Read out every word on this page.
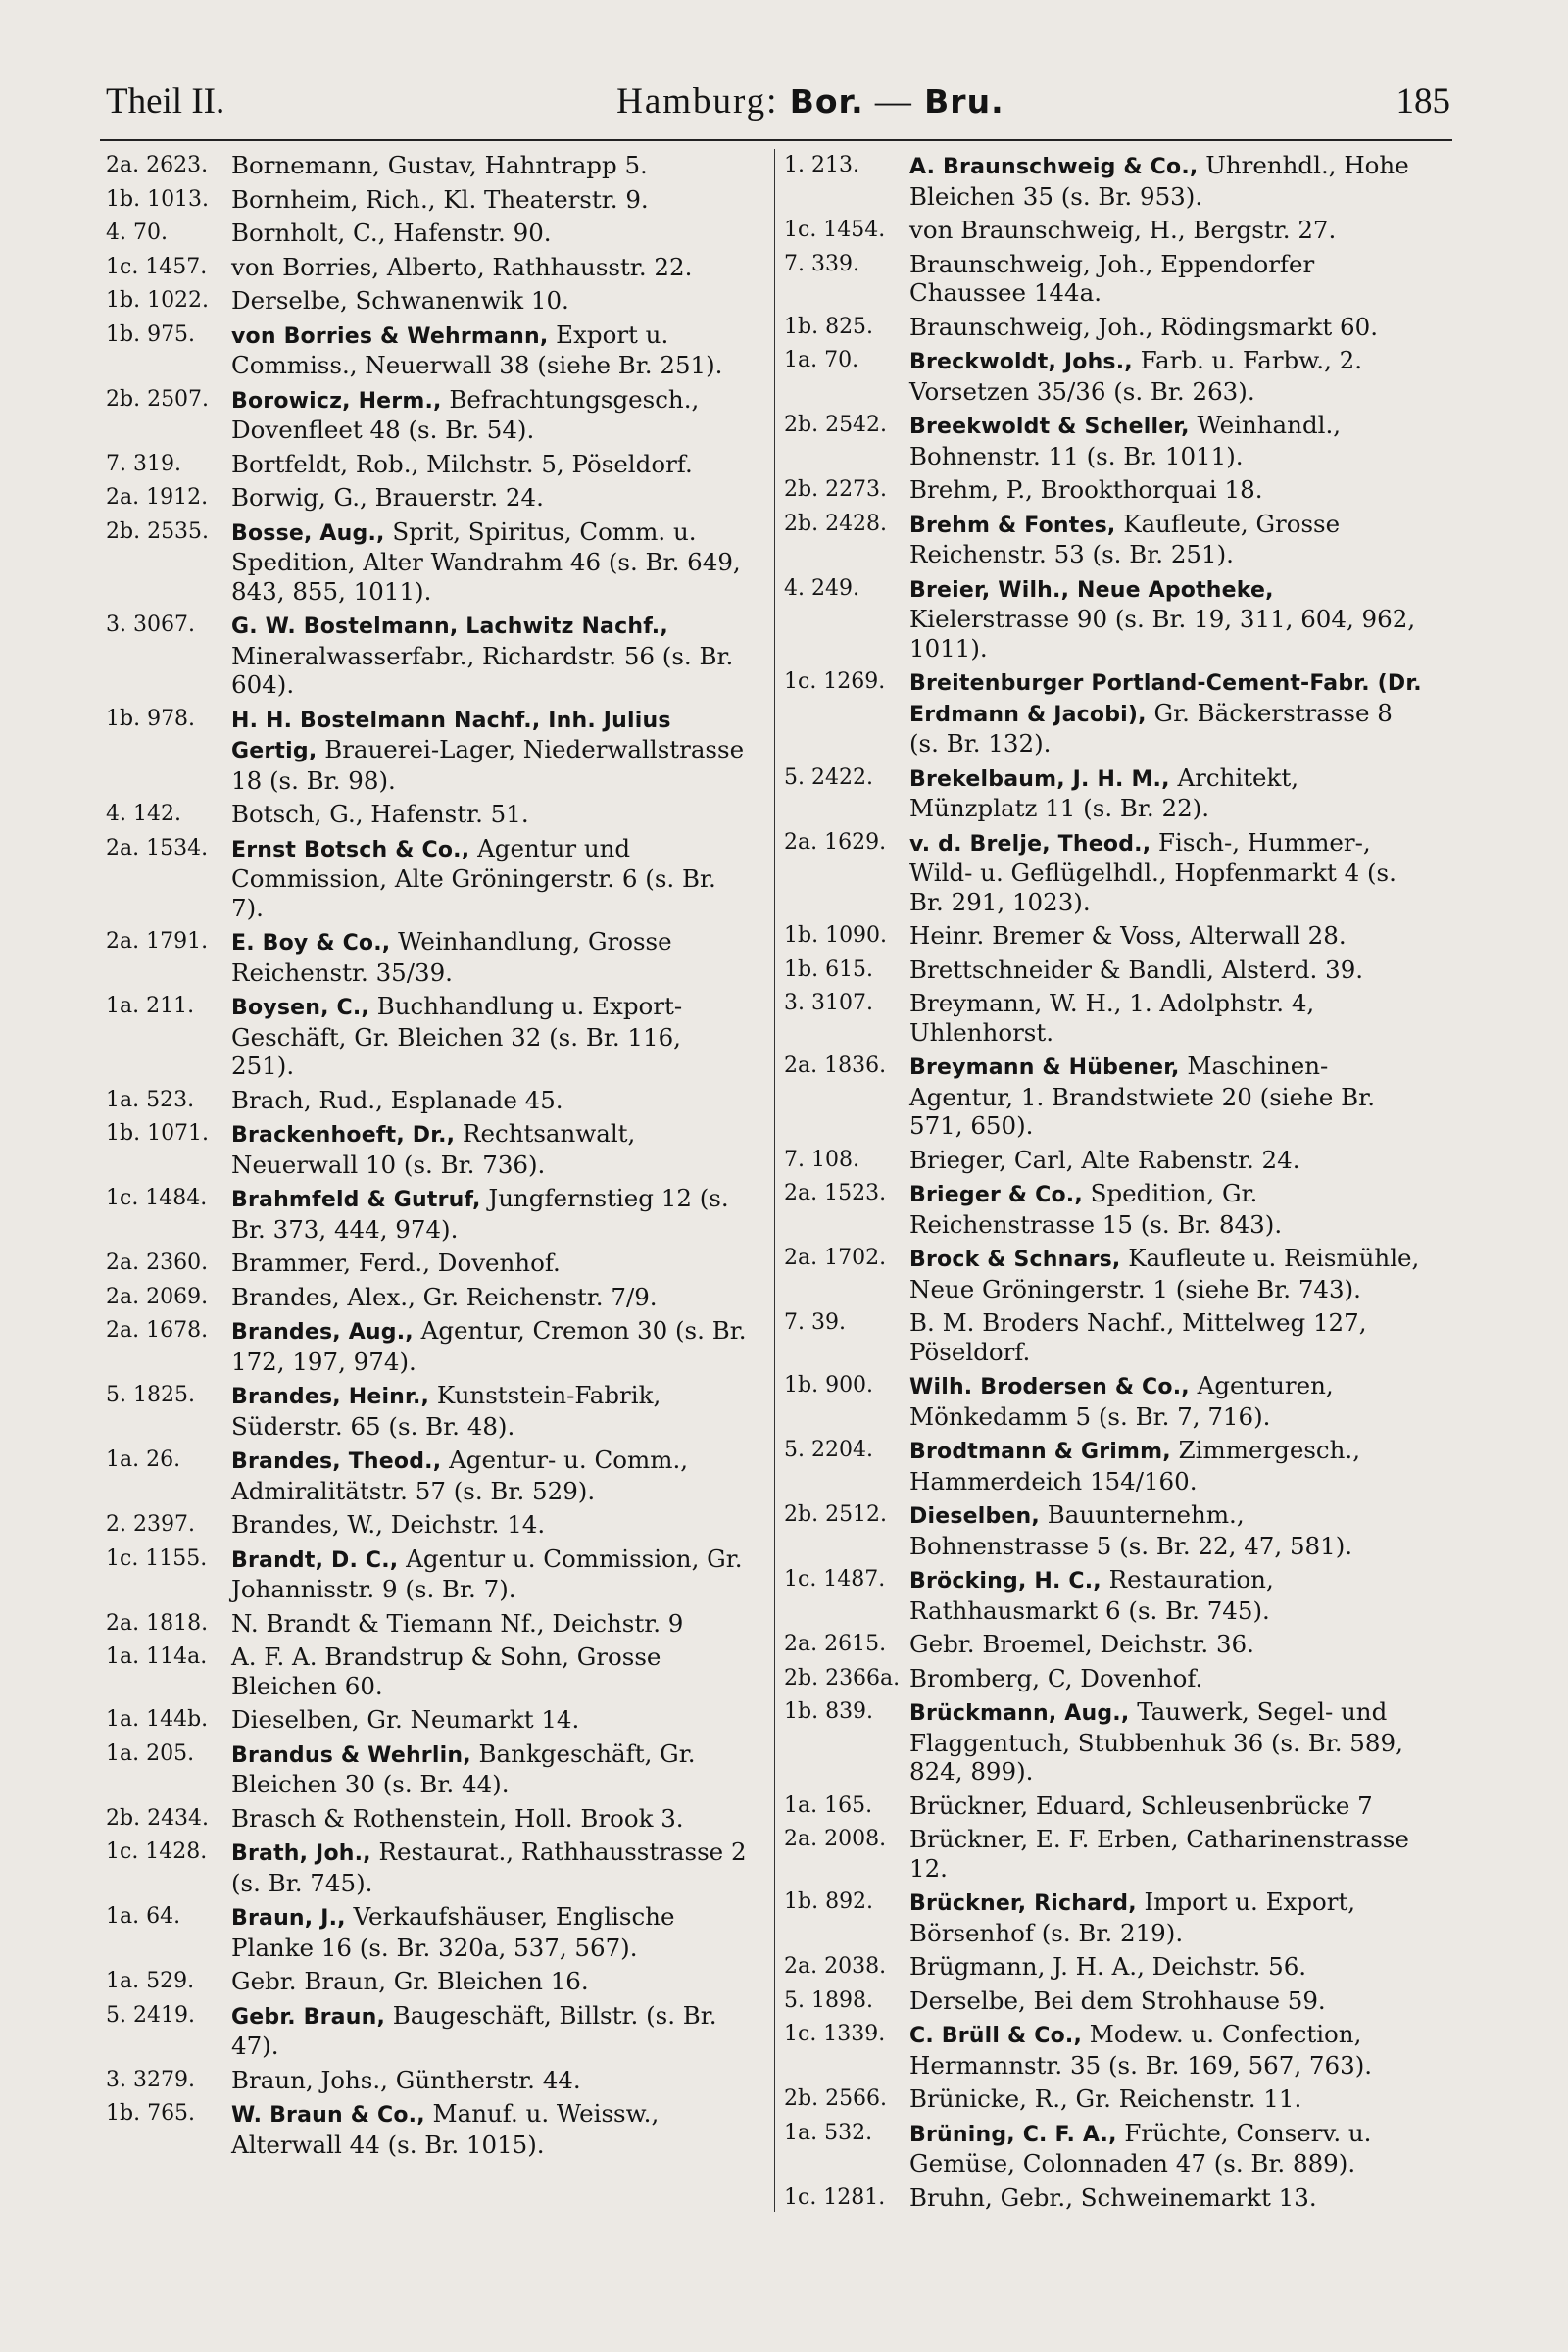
Theil II.	Hamburg: Bor. — Bru.	185
2a. 2623. Bornemann, Gustav, Hahntrapp 5.
1b. 1013. Bornheim, Rich., Kl. Theaterstr. 9.
4. 70.	Bornholt, C., Hafenstr. 90.
1c. 1457.	von Borries, Alberto, Rathhausstr. 22.
1b. 1022. Derselbe, Schwanenwik 10.
1b. 975.	von Borries & Wehrmann, Export u. Commiss., Neuerwall 38 (siehe Br. 251).
2b. 2507.	Borowicz, Herm., Befrachtungsgesch., Dovenfleet 48 (s. Br. 54).
7. 319.	Bortfeldt, Rob., Milchstr. 5, Pöseldorf.
2a. 1912. Borwig, G., Brauerstr. 24.
2b. 2535.	Bosse, Aug., Sprit, Spiritus, Comm. u. Spedition, Alter Wandrahm 46 (s. Br. 649, 843, 855, 1011).
3. 3067.	G. W. Bostelmann, Lachwitz Nachf., Mineralwasserfabr., Richardstr. 56 (s. Br. 604).
1b. 978.	H. H. Bostelmann Nachf., Inh. Julius Gertig, Brauerei-Lager, Niederwallstrasse 18 (s. Br. 98).
4. 142.	Botsch, G., Hafenstr. 51.
2a. 1534.	Ernst Botsch & Co., Agentur und Commission, Alte Gröningerstr. 6 (s. Br. 7).
2a. 1791.	E. Boy & Co., Weinhandlung, Grosse Reichenstr. 35/39.
1a. 211.	Boysen, C., Buchhandlung u. Export-Geschäft, Gr. Bleichen 32 (s. Br. 116, 251).
1a. 523.	Brach, Rud., Esplanade 45.
1b. 1071.	Brackenhoeft, Dr., Rechtsanwalt, Neuerwall 10 (s. Br. 736).
1c. 1484.	Brahmfeld & Gutruf, Jungfernstieg 12 (s. Br. 373, 444, 974).
2a. 2360. Brammer, Ferd., Dovenhof.
2a. 2069. Brandes, Alex., Gr. Reichenstr. 7/9.
2a. 1678.	Brandes, Aug., Agentur, Cremon 30 (s. Br. 172, 197, 974).
5. 1825.	Brandes, Heinr., Kunststein-Fabrik, Süderstr. 65 (s. Br. 48).
1a. 26.	Brandes, Theod., Agentur- u. Comm., Admiralitätstr. 57 (s. Br. 529).
2. 2397.	Brandes, W., Deichstr. 14.
1c. 1155.	Brandt, D. C., Agentur u. Commission, Gr. Johannisstr. 9 (s. Br. 7).
2a. 1818. N. Brandt & Tiemann Nf., Deichstr. 9
1a. 114a.	A. F. A. Brandstrup & Sohn, Grosse Bleichen 60.
1a. 144b. Dieselben, Gr. Neumarkt 14.
1a. 205.	Brandus & Wehrlin, Bankgeschäft, Gr. Bleichen 30 (s. Br. 44).
2b. 2434. Brasch & Rothenstein, Holl. Brook 3.
1c. 1428.	Brath, Joh., Restaurat., Rathhausstrasse 2 (s. Br. 745).
1a. 64.	Braun, J., Verkaufshäuser, Englische Planke 16 (s. Br. 320a, 537, 567).
1a. 529.	Gebr. Braun, Gr. Bleichen 16.
5. 2419.	Gebr. Braun, Baugeschäft, Billstr. (s. Br. 47).
3. 3279.	Braun, Johs., Güntherstr. 44.
1b. 765.	W. Braun & Co., Manuf. u. Weissw., Alterwall 44 (s. Br. 1015).
1. 213.	A. Braunschweig & Co., Uhrenhdl., Hohe Bleichen 35 (s. Br. 953).
1c. 1454.	von Braunschweig, H., Bergstr. 27.
7. 339.	Braunschweig, Joh., Eppendorfer Chaussee 144a.
1b. 825.	Braunschweig, Joh., Rödingsmarkt 60.
1a. 70.	Breckwoldt, Johs., Farb. u. Farbw., 2. Vorsetzen 35/36 (s. Br. 263).
2b. 2542.	Breekwoldt & Scheller, Weinhandl., Bohnenstr. 11 (s. Br. 1011).
2b. 2273. Brehm, P., Brookthorquai 18.
2b. 2428.	Brehm & Fontes, Kaufleute, Grosse Reichenstr. 53 (s. Br. 251).
4. 249.	Breier, Wilh., Neue Apotheke, Kielerstrasse 90 (s. Br. 19, 311, 604, 962, 1011).
1c. 1269.	Breitenburger Portland-Cement-Fabr. (Dr. Erdmann & Jacobi), Gr. Bäckerstrasse 8 (s. Br. 132).
5. 2422.	Brekelbaum, J. H. M., Architekt, Münzplatz 11 (s. Br. 22).
2a. 1629.	v. d. Brelje, Theod., Fisch-, Hummer-, Wild- u. Geflügelhdl., Hopfenmarkt 4 (s. Br. 291, 1023).
1b. 1090. Heinr. Bremer & Voss, Alterwall 28.
1b. 615.	Brettschneider & Bandli, Alsterd. 39.
3. 3107.	Breymann, W. H., 1. Adolphstr. 4, Uhlenhorst.
2a. 1836.	Breymann & Hübener, Maschinen-Agentur, 1. Brandstwiete 20 (siehe Br. 571, 650).
7. 108.	Brieger, Carl, Alte Rabenstr. 24.
2a. 1523.	Brieger & Co., Spedition, Gr. Reichenstrasse 15 (s. Br. 843).
2a. 1702.	Brock & Schnars, Kaufleute u. Reismühle, Neue Gröningerstr. 1 (siehe Br. 743).
7. 39.	B. M. Broders Nachf., Mittelweg 127, Pöseldorf.
1b. 900.	Wilh. Brodersen & Co., Agenturen, Mönkedamm 5 (s. Br. 7, 716).
5. 2204.	Brodtmann & Grimm, Zimmergesch., Hammerdeich 154/160.
2b. 2512.	Dieselben, Bauunternehm., Bohnenstrasse 5 (s. Br. 22, 47, 581).
1c. 1487.	Bröcking, H. C., Restauration, Rathhausmarkt 6 (s. Br. 745).
2a. 2615. Gebr. Broemel, Deichstr. 36.
2b. 2366a. Bromberg, C, Dovenhof.
1b. 839.	Brückmann, Aug., Tauwerk, Segel- und Flaggentuch, Stubbenhuk 36 (s. Br. 589, 824, 899).
1a. 165.	Brückner, Eduard, Schleusenbrücke 7
2a. 2008. Brückner, E. F. Erben, Catharinenstrasse 12.
1b. 892.	Brückner, Richard, Import u. Export, Börsenhof (s. Br. 219).
2a. 2038. Brügmann, J. H. A., Deichstr. 56.
5. 1898.	Derselbe, Bei dem Strohhause 59.
1c. 1339.	C. Brüll & Co., Modew. u. Confection, Hermannstr. 35 (s. Br. 169, 567, 763).
2b. 2566. Brünicke, R., Gr. Reichenstr. 11.
1a. 532.	Brüning, C. F. A., Früchte, Conserv. u. Gemüse, Colonnaden 47 (s. Br. 889).
1c. 1281.	Bruhn, Gebr., Schweinemarkt 13.
